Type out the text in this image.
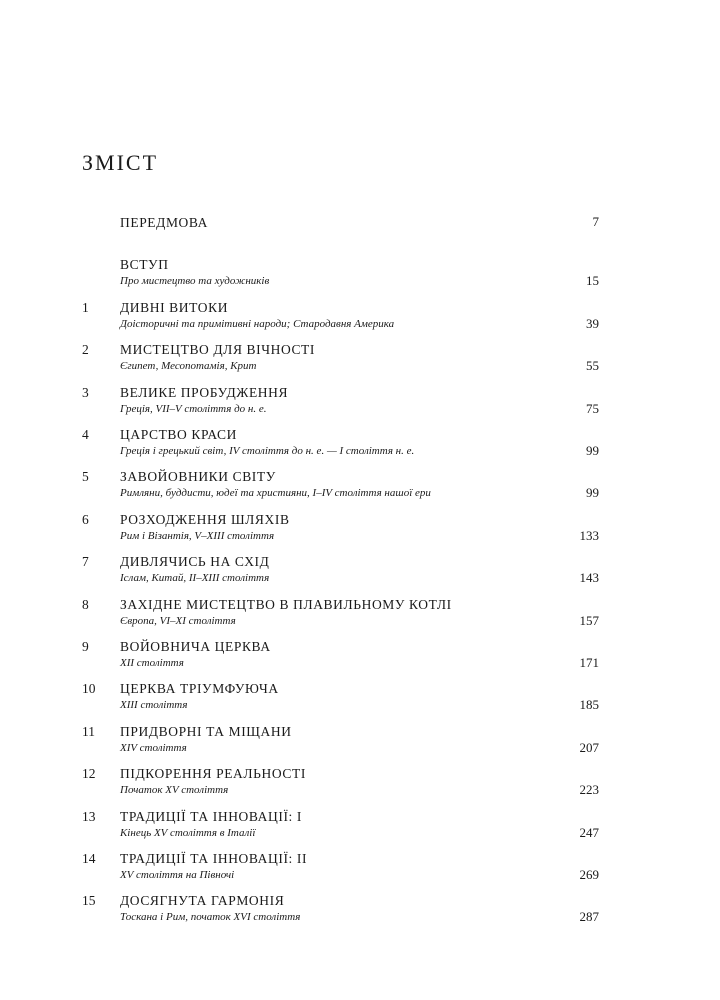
ЗМІСТ
ПЕРЕДМОВА	7
ВСТУП
Про мистецтво та художників	15
1 ДИВНІ ВИТОКИ
Доісторичні та примітивні народи; Стародавня Америка	39
2 МИСТЕЦТВО ДЛЯ ВІЧНОСТІ
Єгипет, Месопотамія, Крит	55
3 ВЕЛИКЕ ПРОБУДЖЕННЯ
Греція, VII–V століття до н. е.	75
4 ЦАРСТВО КРАСИ
Греція і грецький світ, IV століття до н. е. — I століття н. е.	99
5 ЗАВОЙОВНИКИ СВІТУ
Римляни, буддисти, юдеї та християни, I–IV століття нашої ери	99
6 РОЗХОДЖЕННЯ ШЛЯХІВ
Рим і Візантія, V–XIII століття	133
7 ДИВЛЯЧИСЬ НА СХІД
Іслам, Китай, II–XIII століття	143
8 ЗАХІДНЕ МИСТЕЦТВО В ПЛАВИЛЬНОМУ КОТЛІ
Європа, VI–XI століття	157
9 ВОЙОВНИЧА ЦЕРКВА
XII століття	171
10 ЦЕРКВА ТРІУМФУЮЧА
XIII століття	185
11 ПРИДВОРНІ ТА МІЩАНИ
XIV століття	207
12 ПІДКОРЕННЯ РЕАЛЬНОСТІ
Початок XV століття	223
13 ТРАДИЦІЇ ТА ІННОВАЦІЇ: I
Кінець XV століття в Італії	247
14 ТРАДИЦІЇ ТА ІННОВАЦІЇ: II
XV століття на Півночі	269
15 ДОСЯГНУТА ГАРМОНІЯ
Тоскана і Рим, початок XVI століття	287
